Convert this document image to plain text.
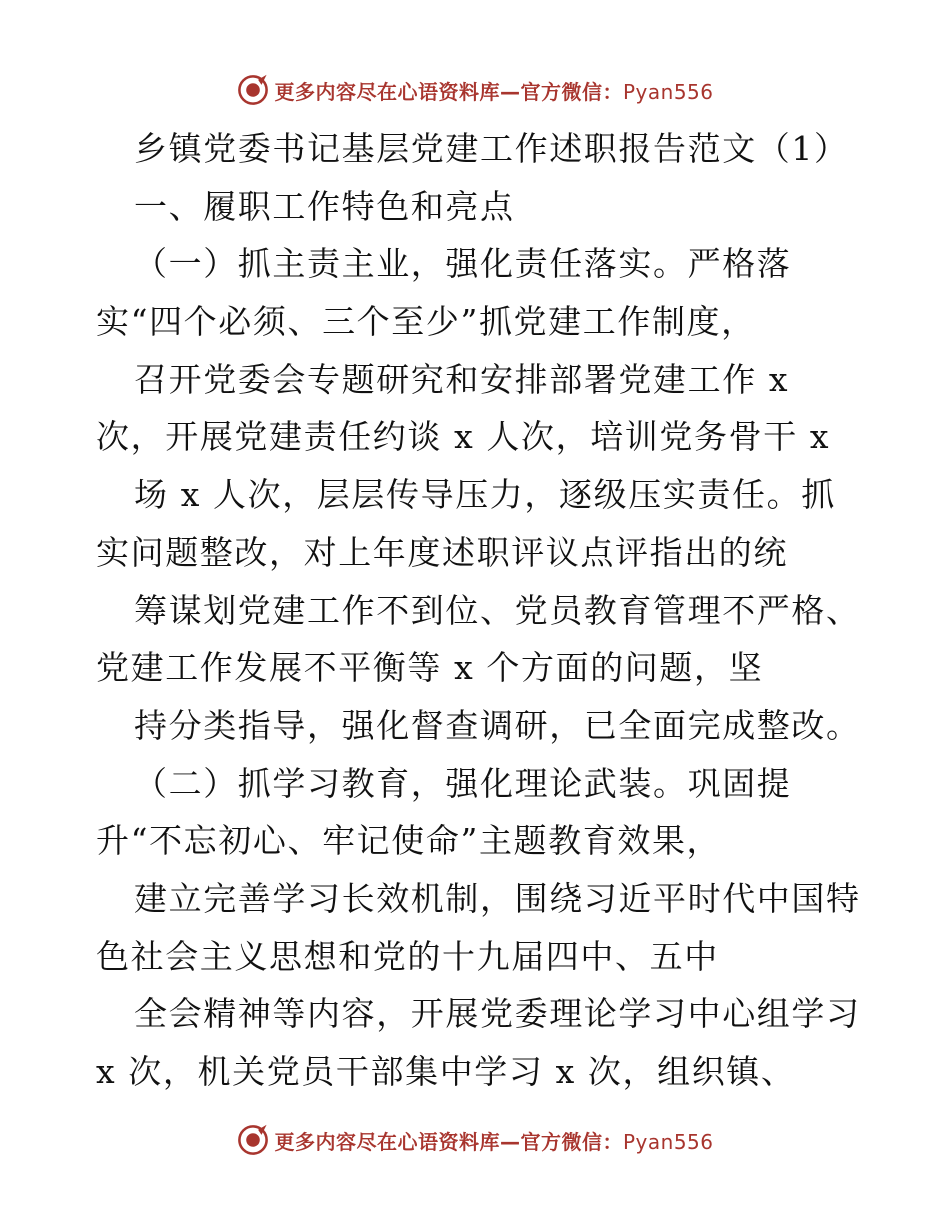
更多内容尽在心语资料库—官方微信：Pyan556
乡镇党委书记基层党建工作述职报告范文（1）
一、履职工作特色和亮点
（一）抓主责主业，强化责任落实。严格落
实“四个必须、三个至少”抓党建工作制度，
召开党委会专题研究和安排部署党建工作 x
次，开展党建责任约谈 x 人次，培训党务骨干 x
场 x 人次，层层传导压力，逐级压实责任。抓
实问题整改，对上年度述职评议点评指出的统
筹谋划党建工作不到位、党员教育管理不严格、
党建工作发展不平衡等 x 个方面的问题，坚
持分类指导，强化督查调研，已全面完成整改。
（二）抓学习教育，强化理论武装。巩固提
升“不忘初心、牢记使命”主题教育效果，
建立完善学习长效机制，围绕习近平时代中国特
色社会主义思想和党的十九届四中、五中
全会精神等内容，开展党委理论学习中心组学习
x 次，机关党员干部集中学习 x 次，组织镇、
更多内容尽在心语资料库—官方微信：Pyan556
